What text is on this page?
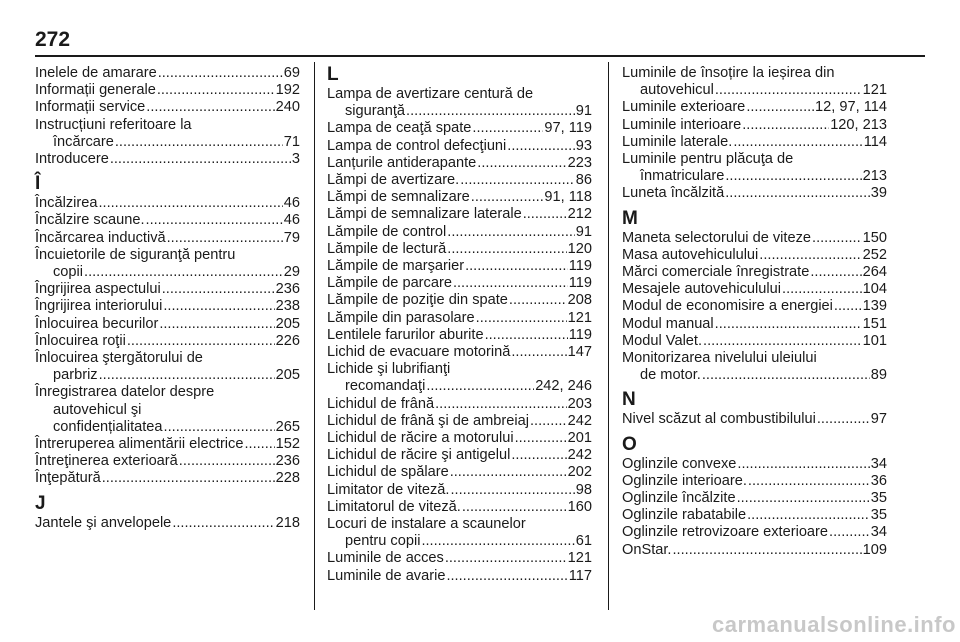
272
Inelele de amarare .....	69
Informații generale .....	192
Informații service .....	240
Instrucțiuni referitoare la
încărcare .....	71
Introducere .....	3
Î
Încălzirea .....	46
Încălzire scaune. .....	46
Încărcarea inductivă .....	79
Încuietorile de siguranţă pentru
copii .....	29
Îngrijirea aspectului .....	236
Îngrijirea interiorului .....	238
Înlocuirea becurilor .....	205
Înlocuirea roţii .....	226
Înlocuirea ştergătorului de
parbriz .....	205
Înregistrarea datelor despre
autovehicul şi
confidențialitatea .....	265
Întreruperea alimentării electrice ..... 152
Întreţinerea exterioară .....	236
Înţepătură .....	228
J
Jantele şi anvelopele .....	218
L
Lampa de avertizare centură de
siguranţă .....	91
Lampa de ceaţă spate .....	97, 119
Lampa de control defecţiuni .....	93
Lanțurile antiderapante .....	223
Lămpi de avertizare. .....	86
Lămpi de semnalizare .....	91, 118
Lămpi de semnalizare laterale .....	212
Lămpile de control .....	91
Lămpile de lectură .....	120
Lămpile de marşarier .....	119
Lămpile de parcare .....	119
Lămpile de poziţie din spate .....	208
Lămpile din parasolare .....	121
Lentilele farurilor aburite .....	119
Lichid de evacuare motorină .....	147
Lichide şi lubrifianţi
recomandaţi .....	242, 246
Lichidul de frână .....	203
Lichidul de frână şi de ambreiaj .....	242
Lichidul de răcire a motorului .....	201
Lichidul de răcire şi antigelul .....	242
Lichidul de spălare .....	202
Limitator de viteză. .....	98
Limitatorul de viteză. .....	160
Locuri de instalare a scaunelor
pentru copii .....	61
Luminile de acces .....	121
Luminile de avarie .....	117
Luminile de însoțire la ieșirea din
autovehicul .....	121
Luminile exterioare .....	12, 97, 114
Luminile interioare .....	120, 213
Luminile laterale. .....	114
Luminile pentru plăcuţa de
înmatriculare .....	213
Luneta încălzită .....	39
M
Maneta selectorului de viteze .....	150
Masa autovehiculului .....	252
Mărci comerciale înregistrate .....	264
Mesajele autovehiculului .....	104
Modul de economisire a energiei ..... 139
Modul manual .....	151
Modul Valet. .....	101
Monitorizarea nivelului uleiului
de motor. .....	89
N
Nivel scăzut al combustibilului .....	97
O
Oglinzile convexe .....	34
Oglinzile interioare. .....	36
Oglinzile încălzite .....	35
Oglinzile rabatabile .....	35
Oglinzile retrovizoare exterioare .....	34
OnStar. .....	109
carmanualsonline.info
